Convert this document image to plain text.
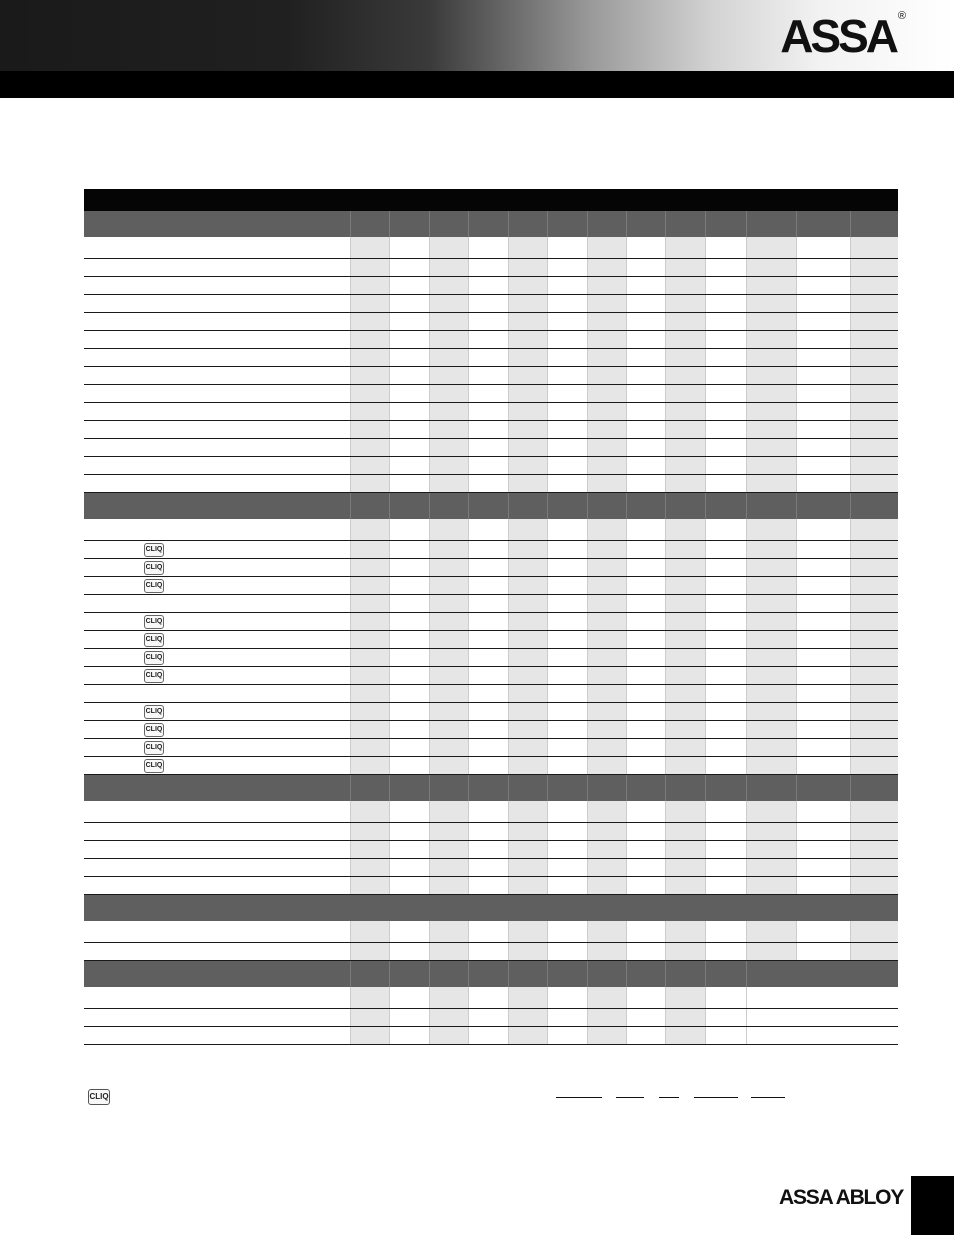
ASSA ®
CLIQ
CLIQ
CLIQ
CLIQ
CLIQ
CLIQ
CLIQ
CLIQ
CLIQ
CLIQ
CLIQ
CLIQ
ASSA ABLOY
